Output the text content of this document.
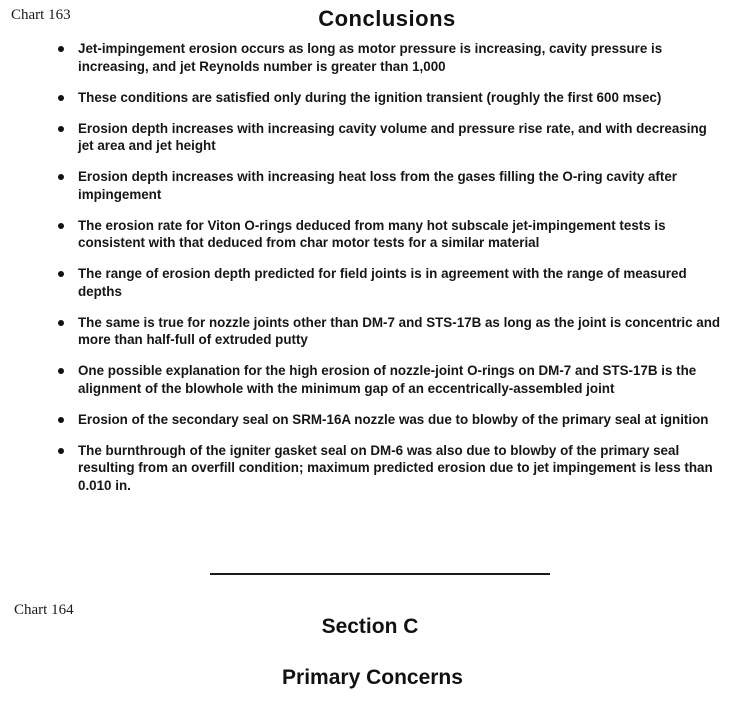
Chart 163	Conclusions
Jet-impingement erosion occurs as long as motor pressure is increasing, cavity pressure is increasing, and jet Reynolds number is greater than 1,000
These conditions are satisfied only during the ignition transient (roughly the first 600 msec)
Erosion depth increases with increasing cavity volume and pressure rise rate, and with decreasing jet area and jet height
Erosion depth increases with increasing heat loss from the gases filling the O-ring cavity after impingement
The erosion rate for Viton O-rings deduced from many hot subscale jet-impingement tests is consistent with that deduced from char motor tests for a similar material
The range of erosion depth predicted for field joints is in agreement with the range of measured depths
The same is true for nozzle joints other than DM-7 and STS-17B as long as the joint is concentric and more than half-full of extruded putty
One possible explanation for the high erosion of nozzle-joint O-rings on DM-7 and STS-17B is the alignment of the blowhole with the minimum gap of an eccentrically-assembled joint
Erosion of the secondary seal on SRM-16A nozzle was due to blowby of the primary seal at ignition
The burnthrough of the igniter gasket seal on DM-6 was also due to blowby of the primary seal resulting from an overfill condition; maximum predicted erosion due to jet impingement is less than 0.010 in.
Chart 164
Section C
Primary Concerns
